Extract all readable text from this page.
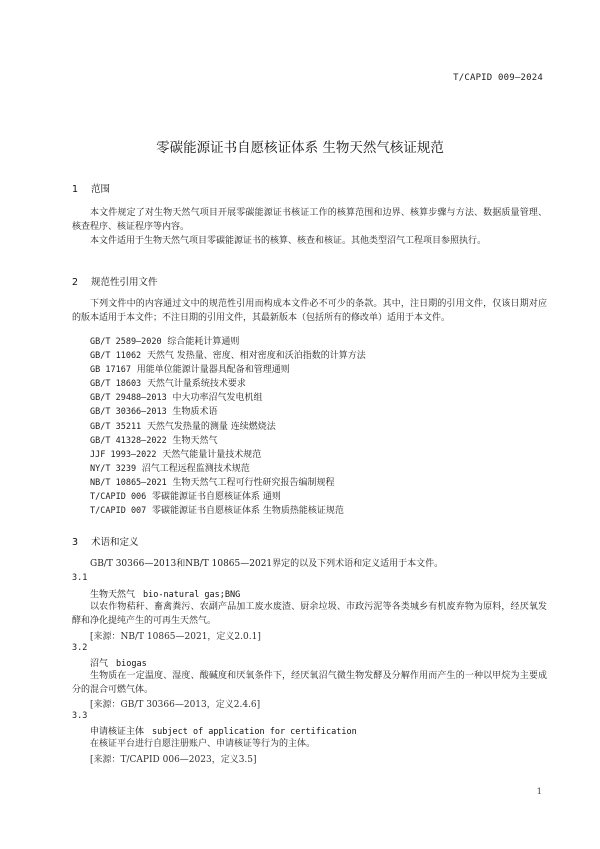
T/CAPID 009—2024
零碳能源证书自愿核证体系 生物天然气核证规范
1 范围
本文件规定了对生物天然气项目开展零碳能源证书核证工作的核算范围和边界、核算步骤与方法、数据质量管理、核查程序、核证程序等内容。
本文件适用于生物天然气项目零碳能源证书的核算、核查和核证。其他类型沼气工程项目参照执行。
2 规范性引用文件
下列文件中的内容通过文中的规范性引用而构成本文件必不可少的条款。其中，注日期的引用文件，仅该日期对应的版本适用于本文件；不注日期的引用文件，其最新版本（包括所有的修改单）适用于本文件。
GB/T 2589—2020 综合能耗计算通则
GB/T 11062 天然气 发热量、密度、相对密度和沃泊指数的计算方法
GB 17167 用能单位能源计量器具配备和管理通则
GB/T 18603 天然气计量系统技术要求
GB/T 29488—2013 中大功率沼气发电机组
GB/T 30366—2013 生物质术语
GB/T 35211 天然气发热量的测量 连续燃烧法
GB/T 41328—2022 生物天然气
JJF 1993—2022 天然气能量计量技术规范
NY/T 3239 沼气工程远程监测技术规范
NB/T 10865—2021 生物天然气工程可行性研究报告编制规程
T/CAPID 006 零碳能源证书自愿核证体系 通则
T/CAPID 007 零碳能源证书自愿核证体系 生物质热能核证规范
3 术语和定义
GB/T 30366—2013和NB/T 10865—2021界定的以及下列术语和定义适用于本文件。
3.1
生物天然气 bio-natural gas;BNG
以农作物秸秆、畜禽粪污、农副产品加工废水废渣、厨余垃圾、市政污泥等各类城乡有机废弃物为原料，经厌氧发酵和净化提纯产生的可再生天然气。
[来源：NB/T 10865—2021，定义2.0.1]
3.2
沼气 biogas
生物质在一定温度、湿度、酸碱度和厌氧条件下，经厌氧沼气微生物发酵及分解作用而产生的一种以甲烷为主要成分的混合可燃气体。
[来源：GB/T 30366—2013，定义2.4.6]
3.3
申请核证主体 subject of application for certification
在核证平台进行自愿注册账户、申请核证等行为的主体。
[来源：T/CAPID 006—2023，定义3.5]
1
